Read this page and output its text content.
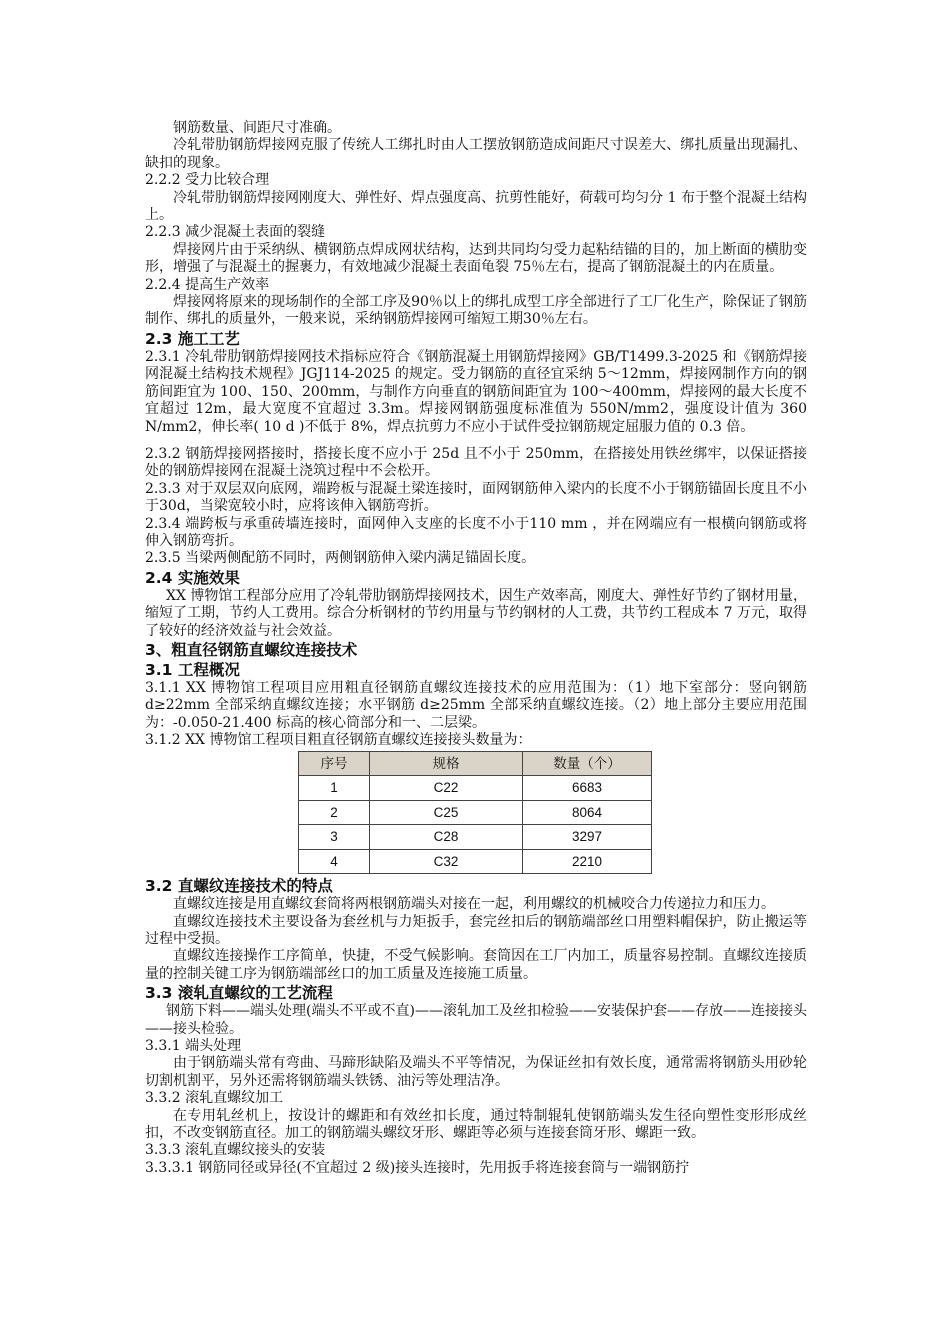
钢筋数量、间距尺寸准确。

冷轧带肋钢筋焊接网克服了传统人工绑扎时由人工摆放钢筋造成间距尺寸误差大、绑扎质量出现漏扎、缺扣的现象。

2.2.2 受力比较合理

冷轧带肋钢筋焊接网刚度大、弹性好、焊点强度高、抗剪性能好，荷载可均匀分 1 布于整个混凝土结构上。

2.2.3 减少混凝土表面的裂缝

焊接网片由于采纳纵、横钢筋点焊成网状结构，达到共同均匀受力起粘结锚的目的，加上断面的横肋变形，增强了与混凝土的握裹力，有效地减少混凝土表面龟裂 75％左右，提高了钢筋混凝土的内在质量。

2.2.4 提高生产效率

焊接网将原来的现场制作的全部工序及90％以上的绑扎成型工序全部进行了工厂化生产，除保证了钢筋制作、绑扎的质量外，一般来说，采纳钢筋焊接网可缩短工期30％左右。

2.3 施工工艺

2.3.1 冷轧带肋钢筋焊接网技术指标应符合《钢筋混凝土用钢筋焊接网》GB/T1499.3-2025 和《钢筋焊接网混凝土结构技术规程》JGJ114-2025 的规定。受力钢筋的直径宜采纳 5～12mm，焊接网制作方向的钢筋间距宜为 100、150、200mm，与制作方向垂直的钢筋间距宜为 100～400mm，焊接网的最大长度不宜超过 12m，最大宽度不宜超过 3.3m。焊接网钢筋强度标准值为 550N/mm2，强度设计值为 360 N/mm2，伸长率( 10 d )不低于 8%，焊点抗剪力不应小于试件受拉钢筋规定屈服力值的 0.3 倍。

2.3.2 钢筋焊接网搭接时，搭接长度不应小于 25d 且不小于 250mm，在搭接处用铁丝绑牢，以保证搭接处的钢筋焊接网在混凝土浇筑过程中不会松开。

2.3.3 对于双层双向底网，端跨板与混凝土梁连接时，面网钢筋伸入梁内的长度不小于钢筋锚固长度且不小于30d，当梁宽较小时，应将该伸入钢筋弯折。

2.3.4 端跨板与承重砖墙连接时，面网伸入支座的长度不小于110 mm ，并在网端应有一根横向钢筋或将伸入钢筋弯折。

2.3.5 当梁两侧配筋不同时，两侧钢筋伸入梁内满足锚固长度。

2.4 实施效果

XX 博物馆工程部分应用了冷轧带肋钢筋焊接网技术，因生产效率高，刚度大、弹性好节约了钢材用量，缩短了工期，节约人工费用。综合分析钢材的节约用量与节约钢材的人工费，共节约工程成本 7 万元，取得了较好的经济效益与社会效益。

3、粗直径钢筋直螺纹连接技术
3.1 工程概况

3.1.1 XX 博物馆工程项目应用粗直径钢筋直螺纹连接技术的应用范围为：（1）地下室部分：竖向钢筋 d≥22mm 全部采纳直螺纹连接；水平钢筋 d≥25mm 全部采纳直螺纹连接。（2）地上部分主要应用范围为：-0.050-21.400 标高的核心筒部分和一、二层梁。

3.1.2 XX 博物馆工程项目粗直径钢筋直螺纹连接接头数量为：

序号	规格	数量（个）
1	C22	6683
2	C25	8064
3	C28	3297
4	C32	2210
3.2 直螺纹连接技术的特点

直螺纹连接是用直螺纹套筒将两根钢筋端头对接在一起，利用螺纹的机械咬合力传递拉力和压力。

直螺纹连接技术主要设备为套丝机与力矩扳手，套完丝扣后的钢筋端部丝口用塑料帽保护，防止搬运等过程中受损。

直螺纹连接操作工序简单，快捷，不受气候影响。套筒因在工厂内加工，质量容易控制。直螺纹连接质量的控制关键工序为钢筋端部丝口的加工质量及连接施工质量。

3.3 滚轧直螺纹的工艺流程

钢筋下料——端头处理(端头不平或不直)——滚轧加工及丝扣检验——安装保护套——存放——连接接头——接头检验。

3.3.1 端头处理

由于钢筋端头常有弯曲、马蹄形缺陷及端头不平等情况，为保证丝扣有效长度，通常需将钢筋头用砂轮切割机割平，另外还需将钢筋端头铁锈、油污等处理洁净。

3.3.2 滚轧直螺纹加工

在专用轧丝机上，按设计的螺距和有效丝扣长度，通过特制辊轧使钢筋端头发生径向塑性变形形成丝扣，不改变钢筋直径。加工的钢筋端头螺纹牙形、螺距等必须与连接套筒牙形、螺距一致。

3.3.3 滚轧直螺纹接头的安装

3.3.3.1 钢筋同径或异径(不宜超过 2 级)接头连接时，先用扳手将连接套筒与一端钢筋拧
